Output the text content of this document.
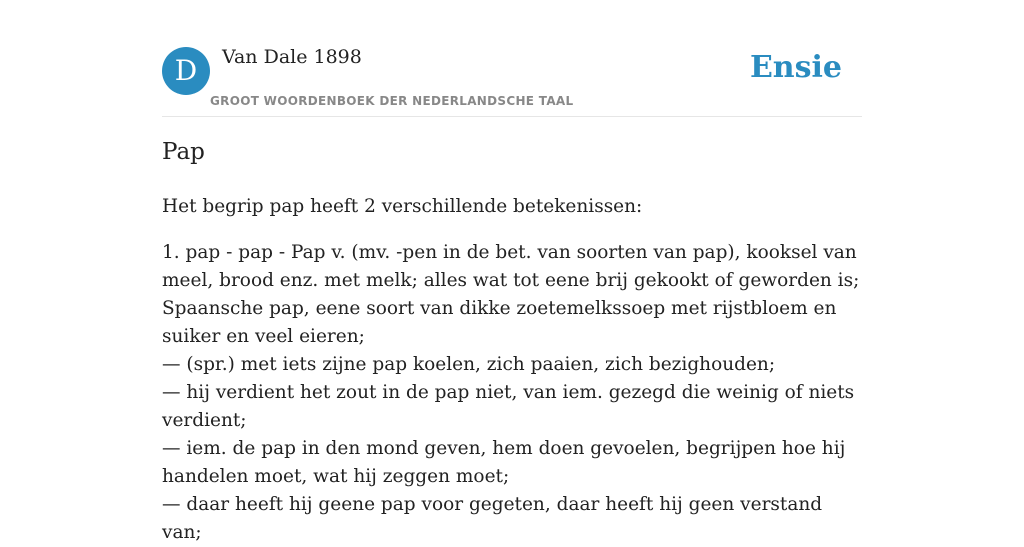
D	Van Dale 1898
GROOT WOORDENBOEK DER NEDERLANDSCHE TAAL
Ensie
Pap

Het begrip pap heeft 2 verschillende betekenissen:

1. pap - pap - Pap v. (mv. -pen in de bet. van soorten van pap), kooksel van meel, brood enz. met melk; alles wat tot eene brij gekookt of geworden is; Spaansche pap, eene soort van dikke zoetemelkssoep met rijstbloem en suiker en veel eieren;
— (spr.) met iets zijne pap koelen, zich paaien, zich bezighouden;
— hij verdient het zout in de pap niet, van iem. gezegd die weinig of niets verdient;
— iem. de pap in den mond geven, hem doen gevoelen, begrijpen hoe hij handelen moet, wat hij zeggen moet;
— daar heeft hij geene pap voor gegeten, daar heeft hij geen verstand van;
